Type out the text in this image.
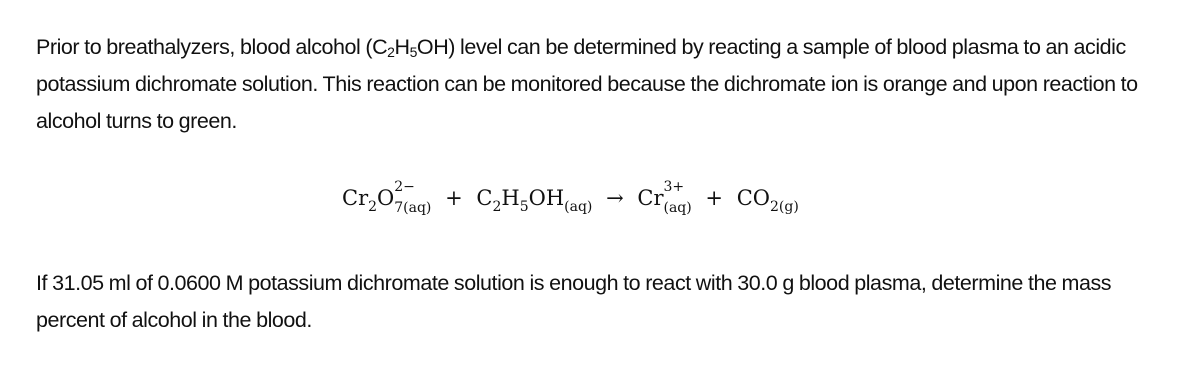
Prior to breathalyzers, blood alcohol $(C_2H_5OH)$ level can be determined by reacting a sample of blood plasma to an acidic potassium dichromate solution. This reaction can be monitored because the dichromate ion is orange and upon reaction to alcohol turns to green.

$Cr_2O$ 2−
$7(aq) + C_2H_5OH_{(aq)} \to Cr$ 3+
$(aq) + CO_{2(g)}$

If 31.05 ml of 0.0600 M potassium dichromate solution is enough to react with 30.0 g blood plasma, determine the mass percent of alcohol in the blood.
